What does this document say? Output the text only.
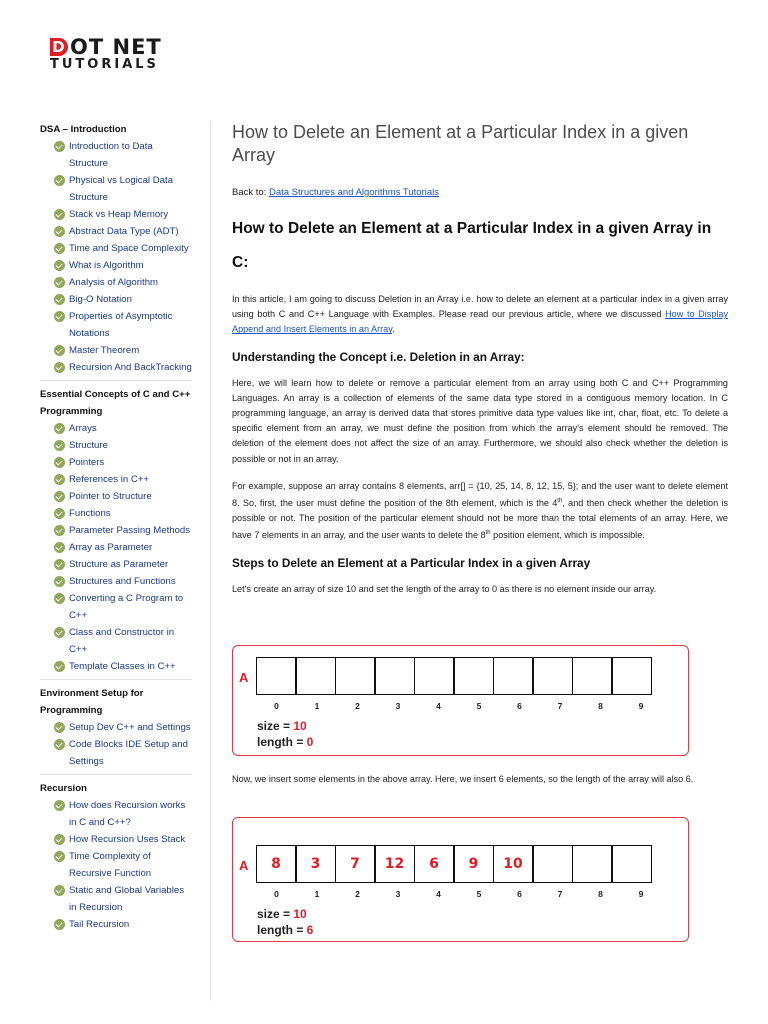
D OT NET
TUTORIALS
DSA – Introduction
Introduction to Data Structure
Physical vs Logical Data Structure
Stack vs Heap Memory
Abstract Data Type (ADT)
Time and Space Complexity
What is Algorithm
Analysis of Algorithm
Big-O Notation
Properties of Asymptotic Notations
Master Theorem
Recursion And BackTracking
Essential Concepts of C and C++ Programming
Arrays
Structure
Pointers
References in C++
Pointer to Structure
Functions
Parameter Passing Methods
Array as Parameter
Structure as Parameter
Structures and Functions
Converting a C Program to C++
Class and Constructor in C++
Template Classes in C++
Environment Setup for Programming
Setup Dev C++ and Settings
Code Blocks IDE Setup and Settings
Recursion
How does Recursion works in C and C++?
How Recursion Uses Stack
Time Complexity of Recursive Function
Static and Global Variables in Recursion
Tail Recursion
How to Delete an Element at a Particular Index in a given Array
Back to: Data Structures and Algorithms Tutorials
How to Delete an Element at a Particular Index in a given Array in C:

In this article, I am going to discuss Deletion in an Array i.e. how to delete an element at a particular index in a given array using both C and C++ Language with Examples. Please read our previous article, where we discussed How to Display Append and Insert Elements in an Array.

Understanding the Concept i.e. Deletion in an Array:

Here, we will learn how to delete or remove a particular element from an array using both C and C++ Programming Languages. An array is a collection of elements of the same data type stored in a contiguous memory location. In C programming language, an array is derived data that stores primitive data type values like int, char, float, etc. To delete a specific element from an array, we must define the position from which the array's element should be removed. The deletion of the element does not affect the size of an array. Furthermore, we should also check whether the deletion is possible or not in an array.

For example, suppose an array contains 8 elements, arr[] = {10, 25, 14, 8, 12, 15, 5}; and the user want to delete element 8. So, first, the user must define the position of the 8th element, which is the 4th, and then check whether the deletion is possible or not. The position of the particular element should not be more than the total elements of an array. Here, we have 7 elements in an array, and the user wants to delete the 8th position element, which is impossible.

Steps to Delete an Element at a Particular Index in a given Array

Let's create an array of size 10 and set the length of the array to 0 as there is no element inside our array.

A
0	1	2	3	4	5	6	7	8	9
size = 10
length = 0

Now, we insert some elements in the above array. Here, we insert 6 elements, so the length of the array will also 6.

A	8	3	7	12	6	9	10
0	1	2	3	4	5	6	7	8	9
size = 10
length = 6
